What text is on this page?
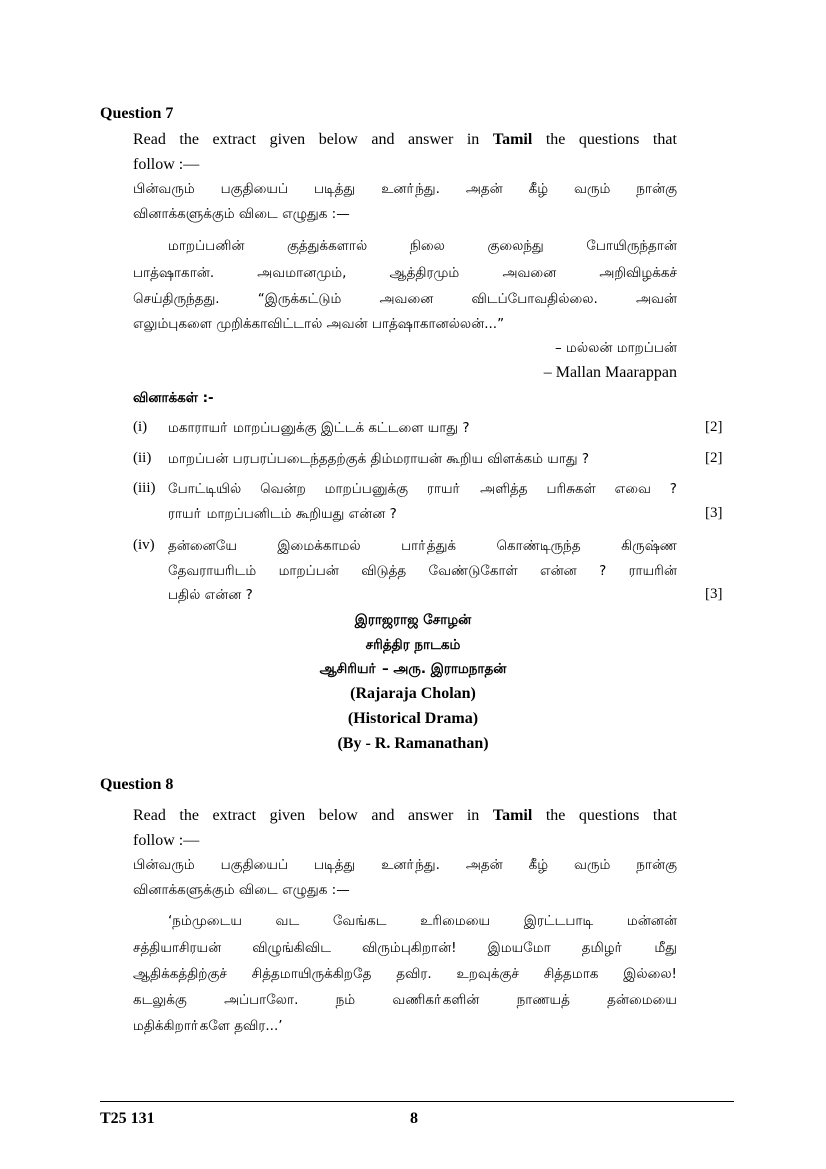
Question 7
Read the extract given below and answer in Tamil the questions that
follow :—
பின்வரும் பகுதியைப் படித்து உனா்ந்து. அதன் கீழ் வரும் நான்கு
வினாக்களுக்கும் விடை எழுதுக :—
மாறப்பனின்	குத்துக்களால்	நிலை	குலைந்து	போயிருந்தான்
பாத்ஷாகான்.	அவமானமும்,	ஆத்திரமும்	அவனை	அறிவிழக்கச்
செய்திருந்தது.	“இருக்கட்டும்	அவனை	விடப்போவதில்லை.	அவன்
எலும்புகளை முறிக்காவிட்டால் அவன் பாத்ஷாகானல்லன்...”
– மல்லன் மாறப்பன்
– Mallan Maarappan
வினாக்கள் :-
(i) மகாராயா் மாறப்பனுக்கு இட்டக் கட்டளை யாது ?	[2]
(ii) மாறப்பன் பரபரப்படைந்ததற்குக் திம்மராயன் கூறிய விளக்கம் யாது ?	[2]
(iii) போட்டியில் வென்ற மாறப்பனுக்கு ராயா் அளித்த பரிசுகள் எவை ?
ராயா் மாறப்பனிடம் கூறியது என்ன ?	[3]
(iv) தன்னையே	இமைக்காமல்	பாா்த்துக்	கொண்டிருந்த	கிருஷ்ண
தேவராயரிடம் மாறப்பன் விடுத்த வேண்டுகோள் என்ன ? ராயரின்
பதில் என்ன ?	[3]
இராஜராஜ சோழன்
சரித்திர நாடகம்
ஆசிரியா் – அரு. இராமநாதன்
(Rajaraja Cholan)
(Historical Drama)
(By - R. Ramanathan)
Question 8
Read the extract given below and answer in Tamil the questions that
follow :—
பின்வரும் பகுதியைப் படித்து உனா்ந்து. அதன் கீழ் வரும் நான்கு
வினாக்களுக்கும் விடை எழுதுக :—
‘நம்முடைய வட வேங்கட உரிமையை இரட்டபாடி மன்னன்
சத்தியாசிரயன் விழுங்கிவிட விரும்புகிறான்! இமயமோ தமிழா் மீது
ஆதிக்கத்திற்குச் சித்தமாயிருக்கிறதே தவிர. உறவுக்குச் சித்தமாக இல்லை!
கடலுக்கு	அப்பாலோ.	நம்	வணிகா்களின்	நாணயத்	தன்மையை
மதிக்கிறாா்களே தவிர...’
T25 131	8
